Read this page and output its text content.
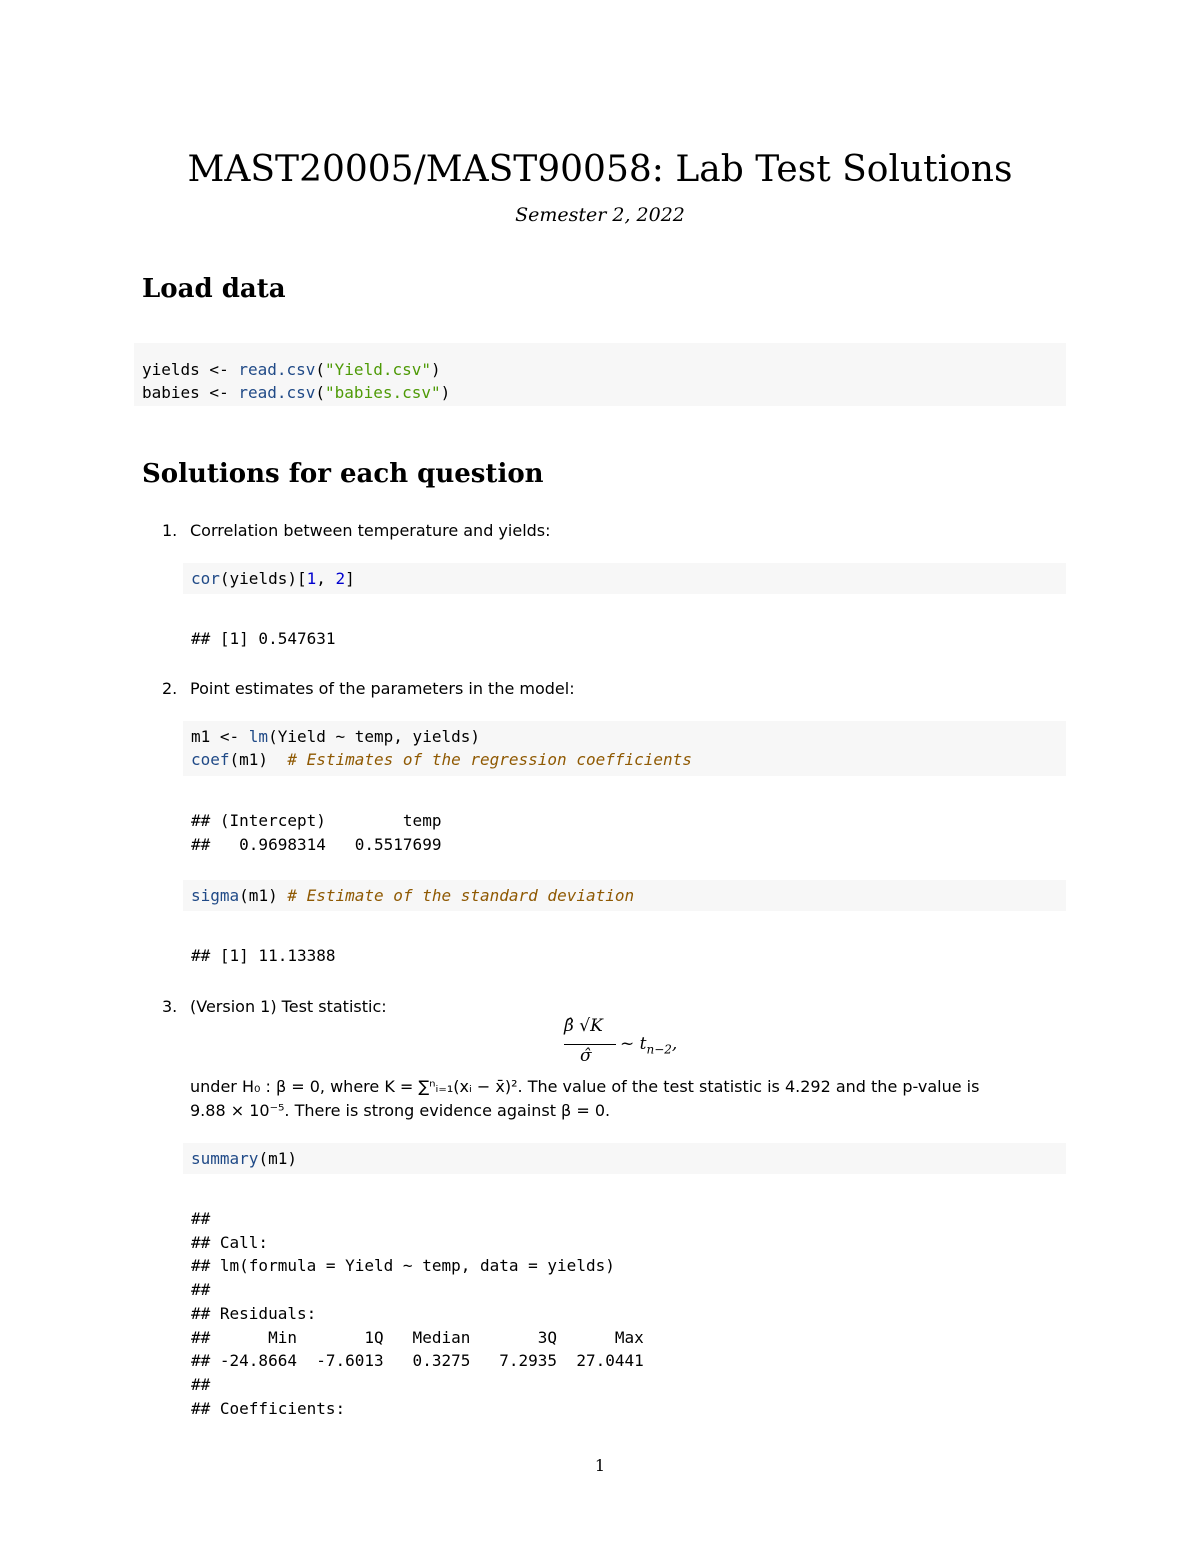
MAST20005/MAST90058: Lab Test Solutions
Semester 2, 2022
Load data
yields <- read.csv("Yield.csv")
babies <- read.csv("babies.csv")
Solutions for each question
1. Correlation between temperature and yields:
cor(yields)[1, 2]
## [1] 0.547631
2. Point estimates of the parameters in the model:
m1 <- lm(Yield ~ temp, yields)
coef(m1)  # Estimates of the regression coefficients
## (Intercept)        temp
##   0.9698314   0.5517699
sigma(m1) # Estimate of the standard deviation
## [1] 11.13388
3. (Version 1) Test statistic:
β̂ √K
σ̂
~ $t_{n-2}$,
under H₀ : β = 0, where K = ∑ⁿᵢ₌₁(xᵢ − x̄)². The value of the test statistic is 4.292 and the p-value is
9.88 × 10⁻⁵. There is strong evidence against β = 0.
summary(m1)
##
## Call:
## lm(formula = Yield ~ temp, data = yields)
##
## Residuals:
##      Min       1Q   Median       3Q      Max
## -24.8664  -7.6013   0.3275   7.2935  27.0441
##
## Coefficients:
1
